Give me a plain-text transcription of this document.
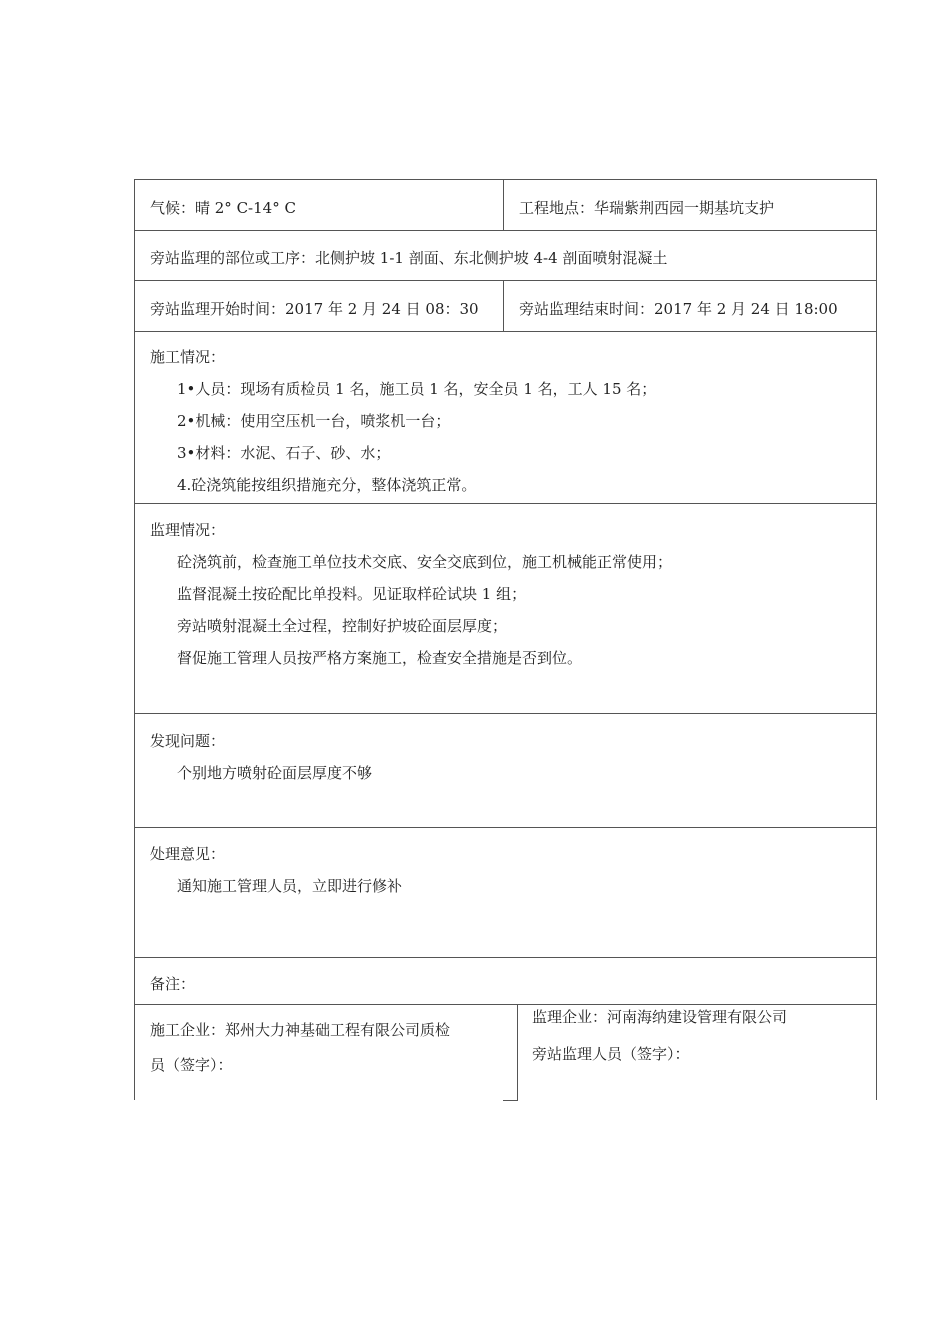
气候：晴 2° C-14° C	工程地点：华瑞紫荆西园一期基坑支护
旁站监理的部位或工序：北侧护坡 1-1 剖面、东北侧护坡 4-4 剖面喷射混凝土
旁站监理开始时间：2017 年 2 月 24 日 08：30	旁站监理结束时间：2017 年 2 月 24 日 18:00
施工情况：
1•人员：现场有质检员 1 名，施工员 1 名，安全员 1 名，工人 15 名；
2•机械：使用空压机一台，喷浆机一台；
3•材料：水泥、石子、砂、水；
4.砼浇筑能按组织措施充分，整体浇筑正常。
监理情况：
砼浇筑前，检查施工单位技术交底、安全交底到位，施工机械能正常使用；
监督混凝土按砼配比单投料。见证取样砼试块 1 组；
旁站喷射混凝土全过程，控制好护坡砼面层厚度；
督促施工管理人员按严格方案施工，检查安全措施是否到位。
发现问题：
个别地方喷射砼面层厚度不够
处理意见：
通知施工管理人员，立即进行修补
备注：
施工企业：郑州大力神基础工程有限公司质检
员（签字）：
监理企业：河南海纳建设管理有限公司
旁站监理人员（签字）：
